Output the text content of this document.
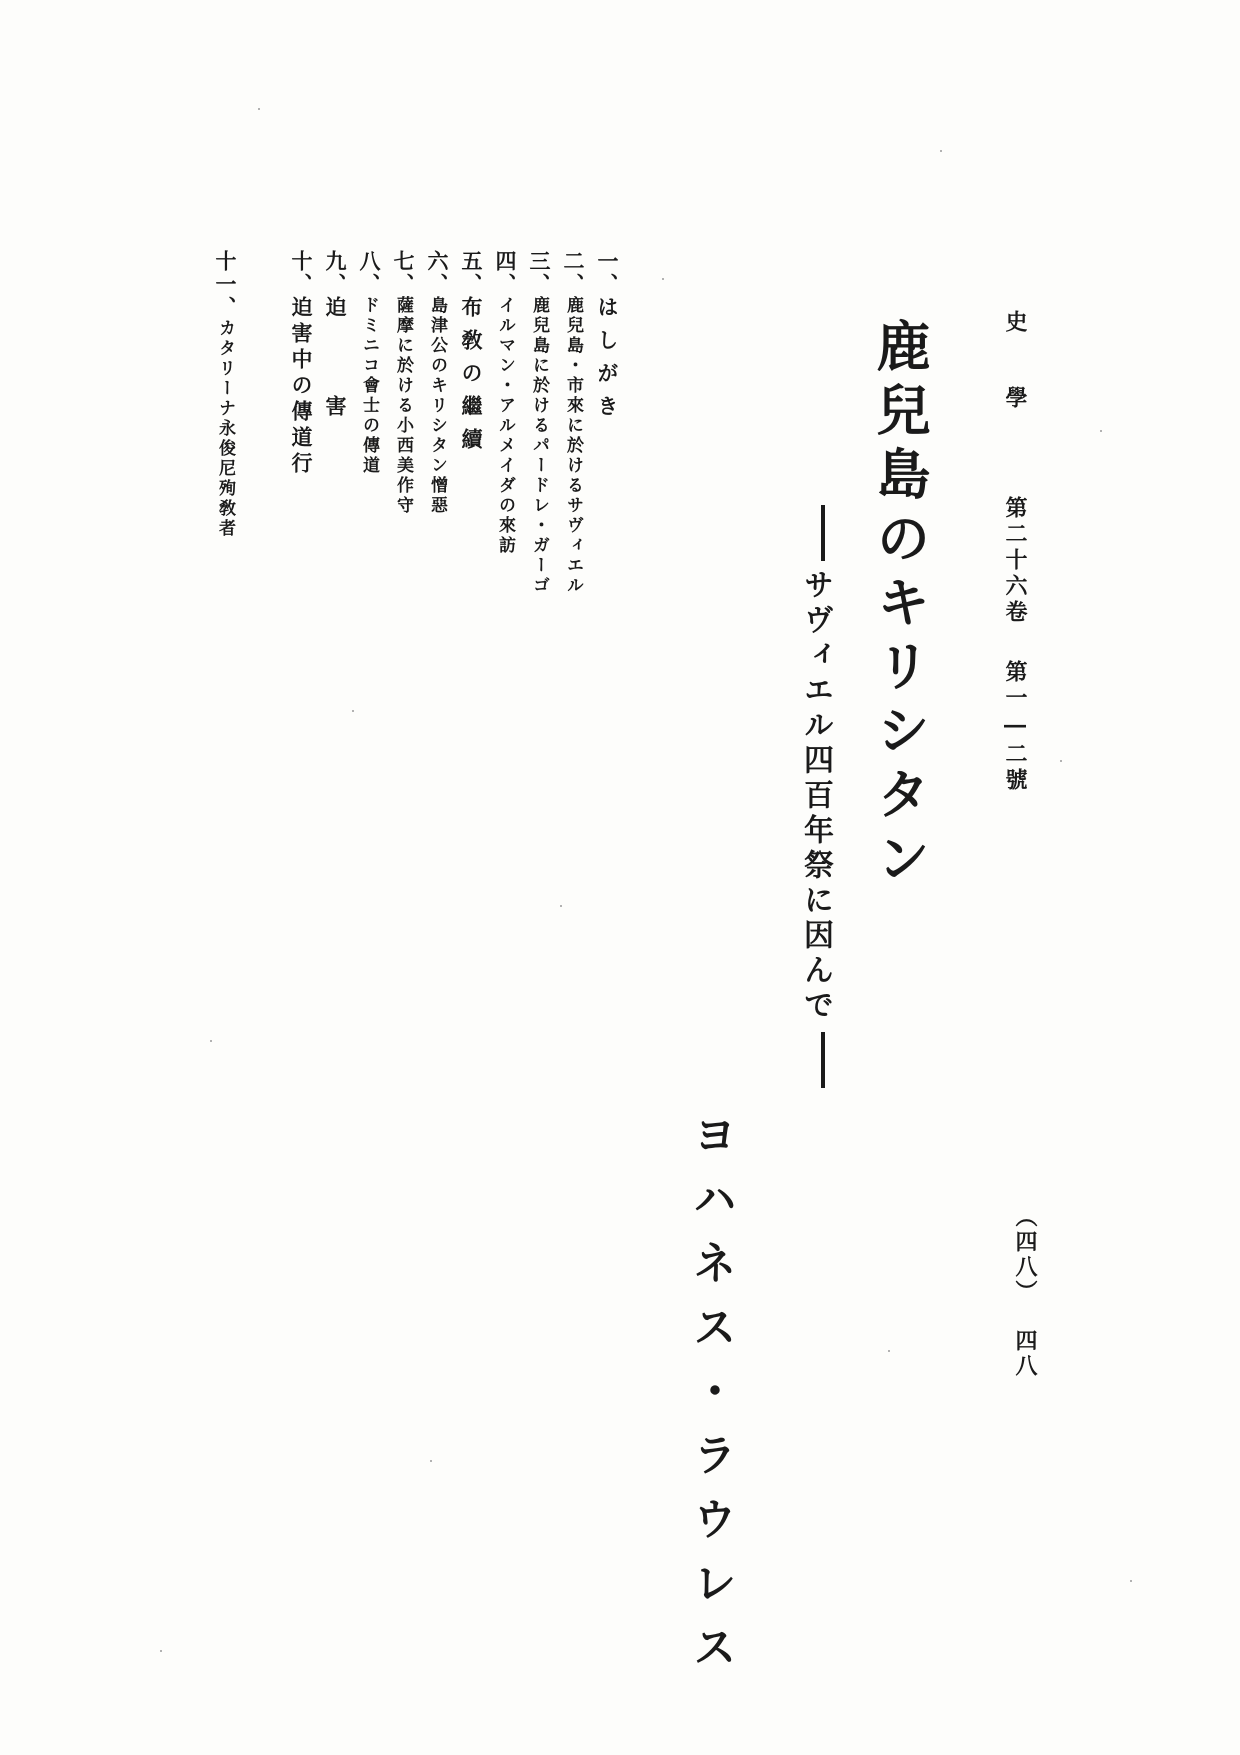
史學第二十六卷第一―二號
（四八）四八
鹿兒島のキリシタン
サヴィエル四百年祭に因んで
ヨハネス・ラウレス
一、はしがき
二、鹿兒島・市來に於けるサヴィエル
三、鹿兒島に於けるパードレ・ガーゴ
四、イルマン・アルメイダの來訪
五、布敎の繼續
六、島津公のキリシタン憎惡
七、薩摩に於ける小西美作守
八、ドミニコ會士の傳道
九、迫害
十、迫害中の傳道行
十一、カタリーナ永俊尼殉敎者
